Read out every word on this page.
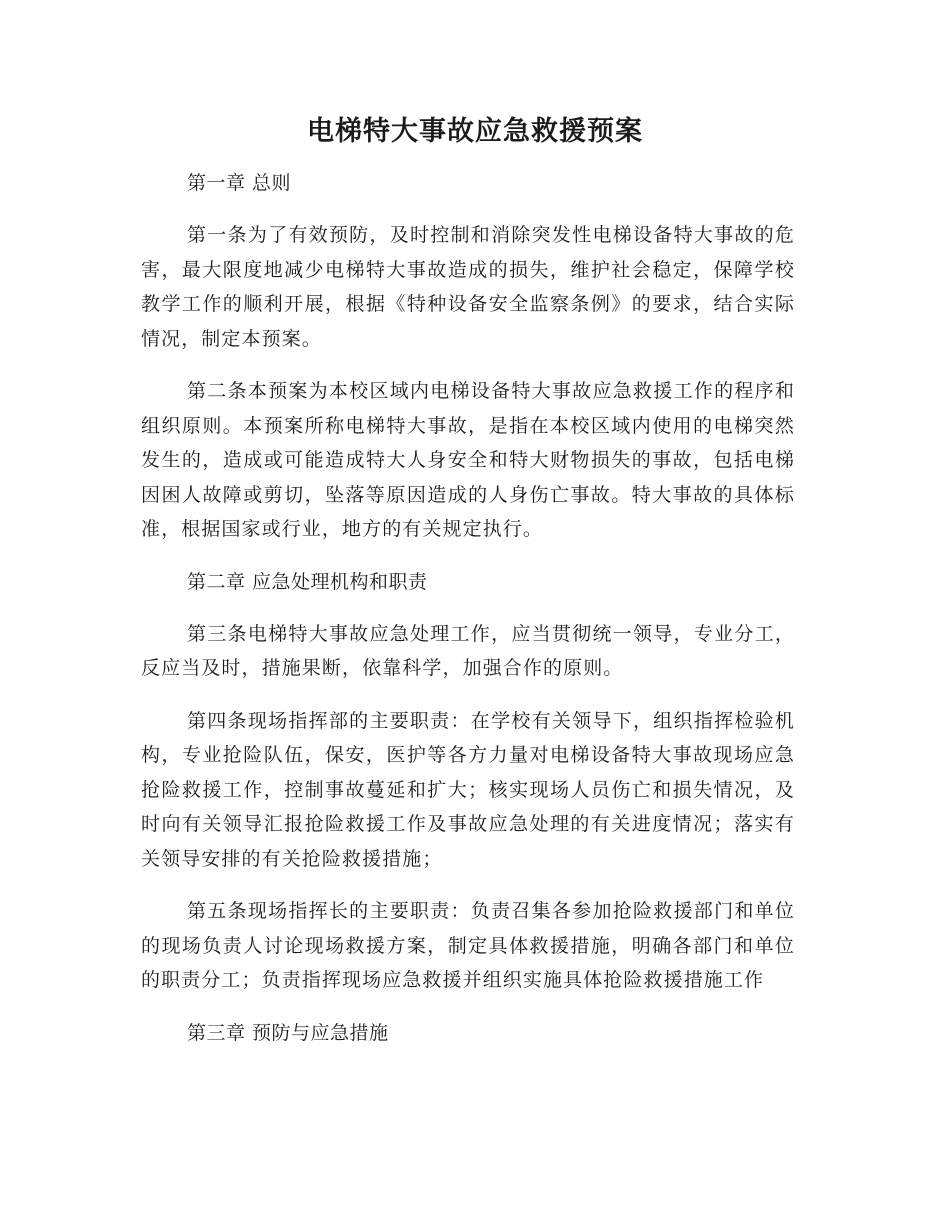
电梯特大事故应急救援预案

第一章 总则

第一条为了有效预防，及时控制和消除突发性电梯设备特大事故的危害，最大限度地减少电梯特大事故造成的损失，维护社会稳定，保障学校教学工作的顺利开展，根据《特种设备安全监察条例》的要求，结合实际情况，制定本预案。

第二条本预案为本校区域内电梯设备特大事故应急救援工作的程序和组织原则。本预案所称电梯特大事故，是指在本校区域内使用的电梯突然发生的，造成或可能造成特大人身安全和特大财物损失的事故，包括电梯因困人故障或剪切，坠落等原因造成的人身伤亡事故。特大事故的具体标准，根据国家或行业，地方的有关规定执行。

第二章 应急处理机构和职责

第三条电梯特大事故应急处理工作，应当贯彻统一领导，专业分工，反应当及时，措施果断，依靠科学，加强合作的原则。

第四条现场指挥部的主要职责：在学校有关领导下，组织指挥检验机构，专业抢险队伍，保安，医护等各方力量对电梯设备特大事故现场应急抢险救援工作，控制事故蔓延和扩大；核实现场人员伤亡和损失情况，及时向有关领导汇报抢险救援工作及事故应急处理的有关进度情况；落实有关领导安排的有关抢险救援措施；

第五条现场指挥长的主要职责：负责召集各参加抢险救援部门和单位的现场负责人讨论现场救援方案，制定具体救援措施，明确各部门和单位的职责分工；负责指挥现场应急救援并组织实施具体抢险救援措施工作

第三章 预防与应急措施
